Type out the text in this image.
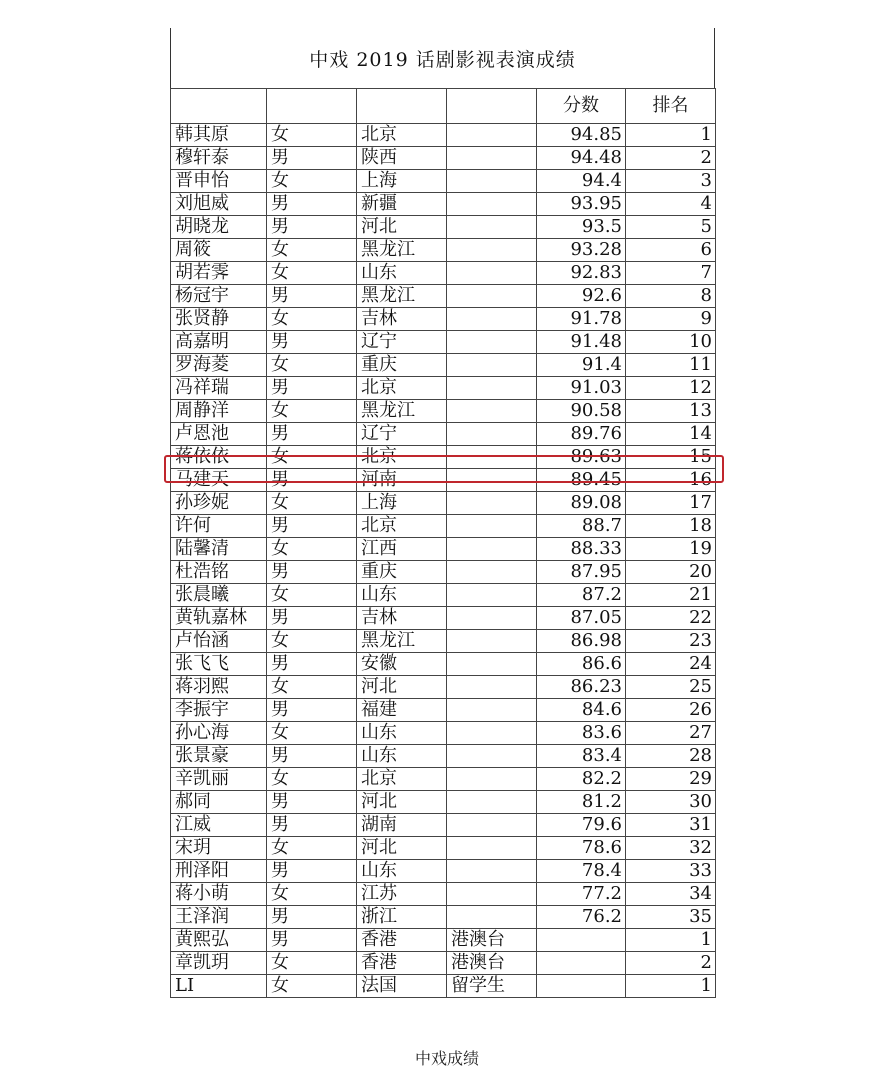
中戏 2019 话剧影视表演成绩
				分数	排名
韩其原	女	北京		94.85	1
穆轩泰	男	陕西		94.48	2
晋申怡	女	上海		94.4	3
刘旭威	男	新疆		93.95	4
胡晓龙	男	河北		93.5	5
周筱	女	黑龙江		93.28	6
胡若霁	女	山东		92.83	7
杨冠宇	男	黑龙江		92.6	8
张贤静	女	吉林		91.78	9
高嘉明	男	辽宁		91.48	10
罗海菱	女	重庆		91.4	11
冯祥瑞	男	北京		91.03	12
周静洋	女	黑龙江		90.58	13
卢恩池	男	辽宁		89.76	14
蒋依依	女	北京		89.63	15
马建天	男	河南		89.45	16
孙珍妮	女	上海		89.08	17
许何	男	北京		88.7	18
陆馨清	女	江西		88.33	19
杜浩铭	男	重庆		87.95	20
张晨曦	女	山东		87.2	21
黄轨嘉林	男	吉林		87.05	22
卢怡涵	女	黑龙江		86.98	23
张飞飞	男	安徽		86.6	24
蒋羽熙	女	河北		86.23	25
李振宇	男	福建		84.6	26
孙心海	女	山东		83.6	27
张景豪	男	山东		83.4	28
辛凯丽	女	北京		82.2	29
郝同	男	河北		81.2	30
江威	男	湖南		79.6	31
宋玥	女	河北		78.6	32
刑泽阳	男	山东		78.4	33
蒋小萌	女	江苏		77.2	34
王泽润	男	浙江		76.2	35
黄熙弘	男	香港	港澳台		1
章凯玥	女	香港	港澳台		2
LI	女	法国	留学生		1
中戏成绩
